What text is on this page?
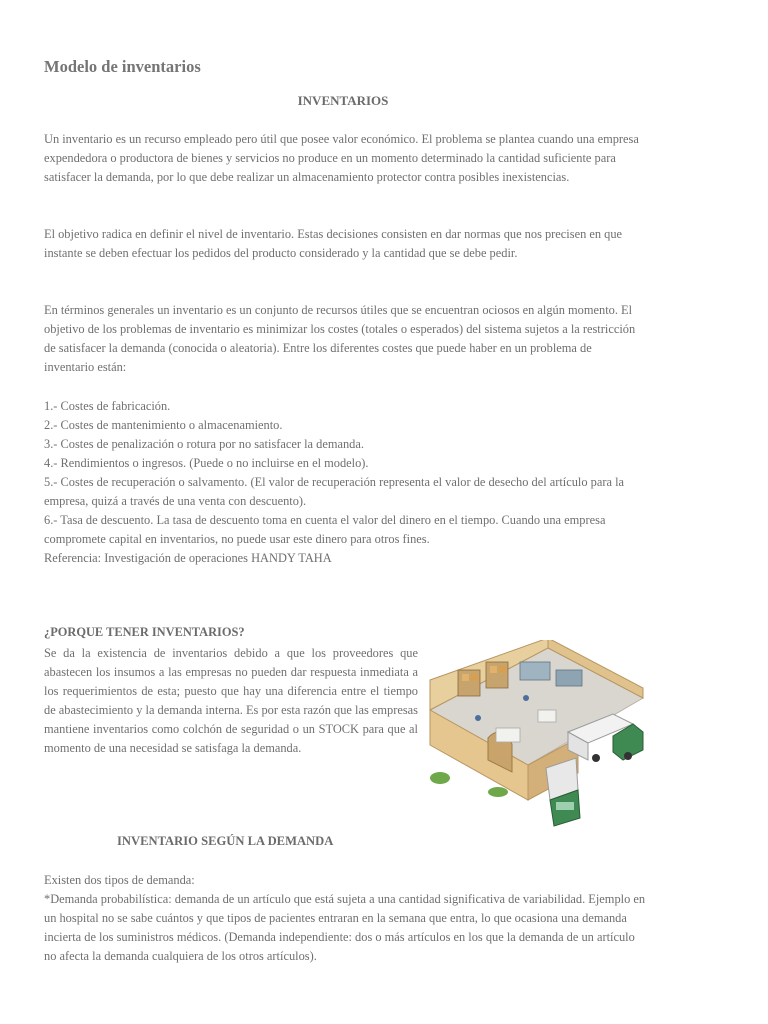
Modelo de inventarios
INVENTARIOS

Un inventario es un recurso empleado pero útil que posee valor económico. El problema se plantea cuando una empresa expendedora o productora de bienes y servicios no produce en un momento determinado la cantidad suficiente para satisfacer la demanda, por lo que debe realizar un almacenamiento protector contra posibles inexistencias.

El objetivo radica en definir el nivel de inventario. Estas decisiones consisten en dar normas que nos precisen en que instante se deben efectuar los pedidos del producto considerado y la cantidad que se debe pedir.

En términos generales un inventario es un conjunto de recursos útiles que se encuentran ociosos en algún momento. El objetivo de los problemas de inventario es minimizar los costes (totales o esperados) del sistema sujetos a la restricción de satisfacer la demanda (conocida o aleatoria). Entre los diferentes costes que puede haber en un problema de inventario están:

1.- Costes de fabricación.
2.- Costes de mantenimiento o almacenamiento.
3.- Costes de penalización o rotura por no satisfacer la demanda.
4.- Rendimientos o ingresos. (Puede o no incluirse en el modelo).
5.- Costes de recuperación o salvamento. (El valor de recuperación representa el valor de desecho del artículo para la empresa, quizá a través de una venta con descuento).
6.- Tasa de descuento. La tasa de descuento toma en cuenta el valor del dinero en el tiempo. Cuando una empresa compromete capital en inventarios, no puede usar este dinero para otros fines.

Referencia: Investigación de operaciones HANDY TAHA

¿PORQUE TENER INVENTARIOS?

Se da la existencia de inventarios debido a que los proveedores que abastecen los insumos a las empresas no pueden dar respuesta inmediata a los requerimientos de esta; puesto que hay una diferencia entre el tiempo de abastecimiento y la demanda interna. Es por esta razón que las empresas mantiene inventarios como colchón de seguridad o un STOCK para que al momento de una necesidad se satisfaga la demanda.

INVENTARIO SEGÚN LA DEMANDA

Existen dos tipos de demanda:

*Demanda probabilística: demanda de un artículo que está sujeta a una cantidad significativa de variabilidad. Ejemplo en un hospital no se sabe cuántos y que tipos de pacientes entraran en la semana que entra, lo que ocasiona una demanda incierta de los suministros médicos. (Demanda independiente: dos o más artículos en los que la demanda de un artículo no afecta la demanda cualquiera de los otros artículos).
